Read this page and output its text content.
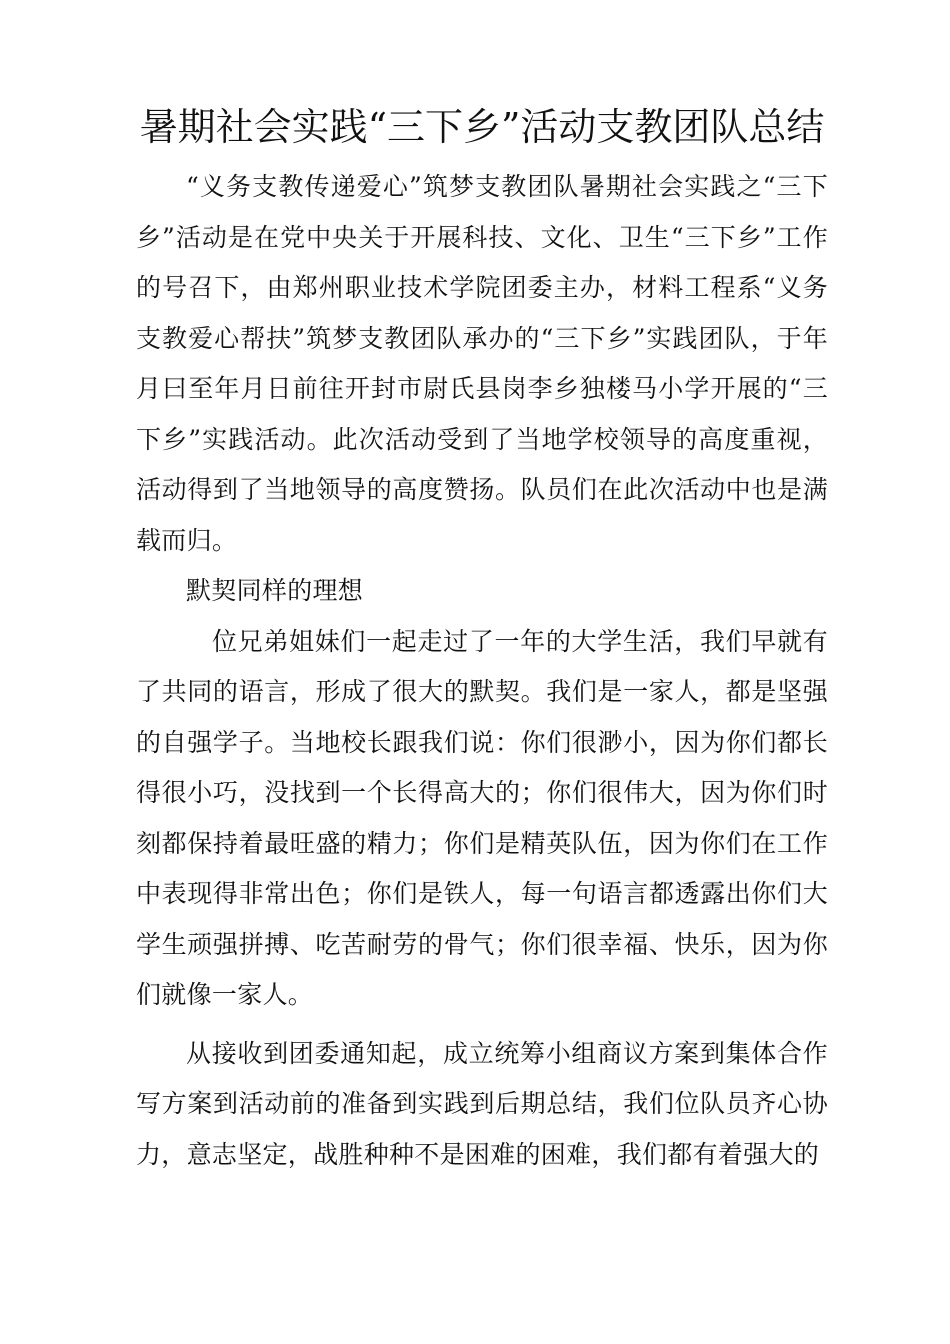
暑期社会实践“三下乡”活动支教团队总结

“义务支教传递爱心”筑梦支教团队暑期社会实践之“三下乡”活动是在党中央关于开展科技、文化、卫生“三下乡”工作的号召下，由郑州职业技术学院团委主办，材料工程系“义务支教爱心帮扶”筑梦支教团队承办的“三下乡”实践团队，于年月曰至年月日前往开封市尉氏县岗李乡独楼马小学开展的“三下乡”实践活动。此次活动受到了当地学校领导的高度重视，活动得到了当地领导的高度赞扬。队员们在此次活动中也是满载而归。

默契同样的理想

位兄弟姐妹们一起走过了一年的大学生活，我们早就有了共同的语言，形成了很大的默契。我们是一家人，都是坚强的自强学子。当地校长跟我们说：你们很渺小，因为你们都长得很小巧，没找到一个长得高大的；你们很伟大，因为你们时刻都保持着最旺盛的精力；你们是精英队伍，因为你们在工作中表现得非常出色；你们是铁人，每一句语言都透露出你们大学生顽强拼搏、吃苦耐劳的骨气；你们很幸福、快乐，因为你们就像一家人。

从接收到团委通知起，成立统筹小组商议方案到集体合作写方案到活动前的准备到实践到后期总结，我们位队员齐心协力，意志坚定，战胜种种不是困难的困难，我们都有着强大的
